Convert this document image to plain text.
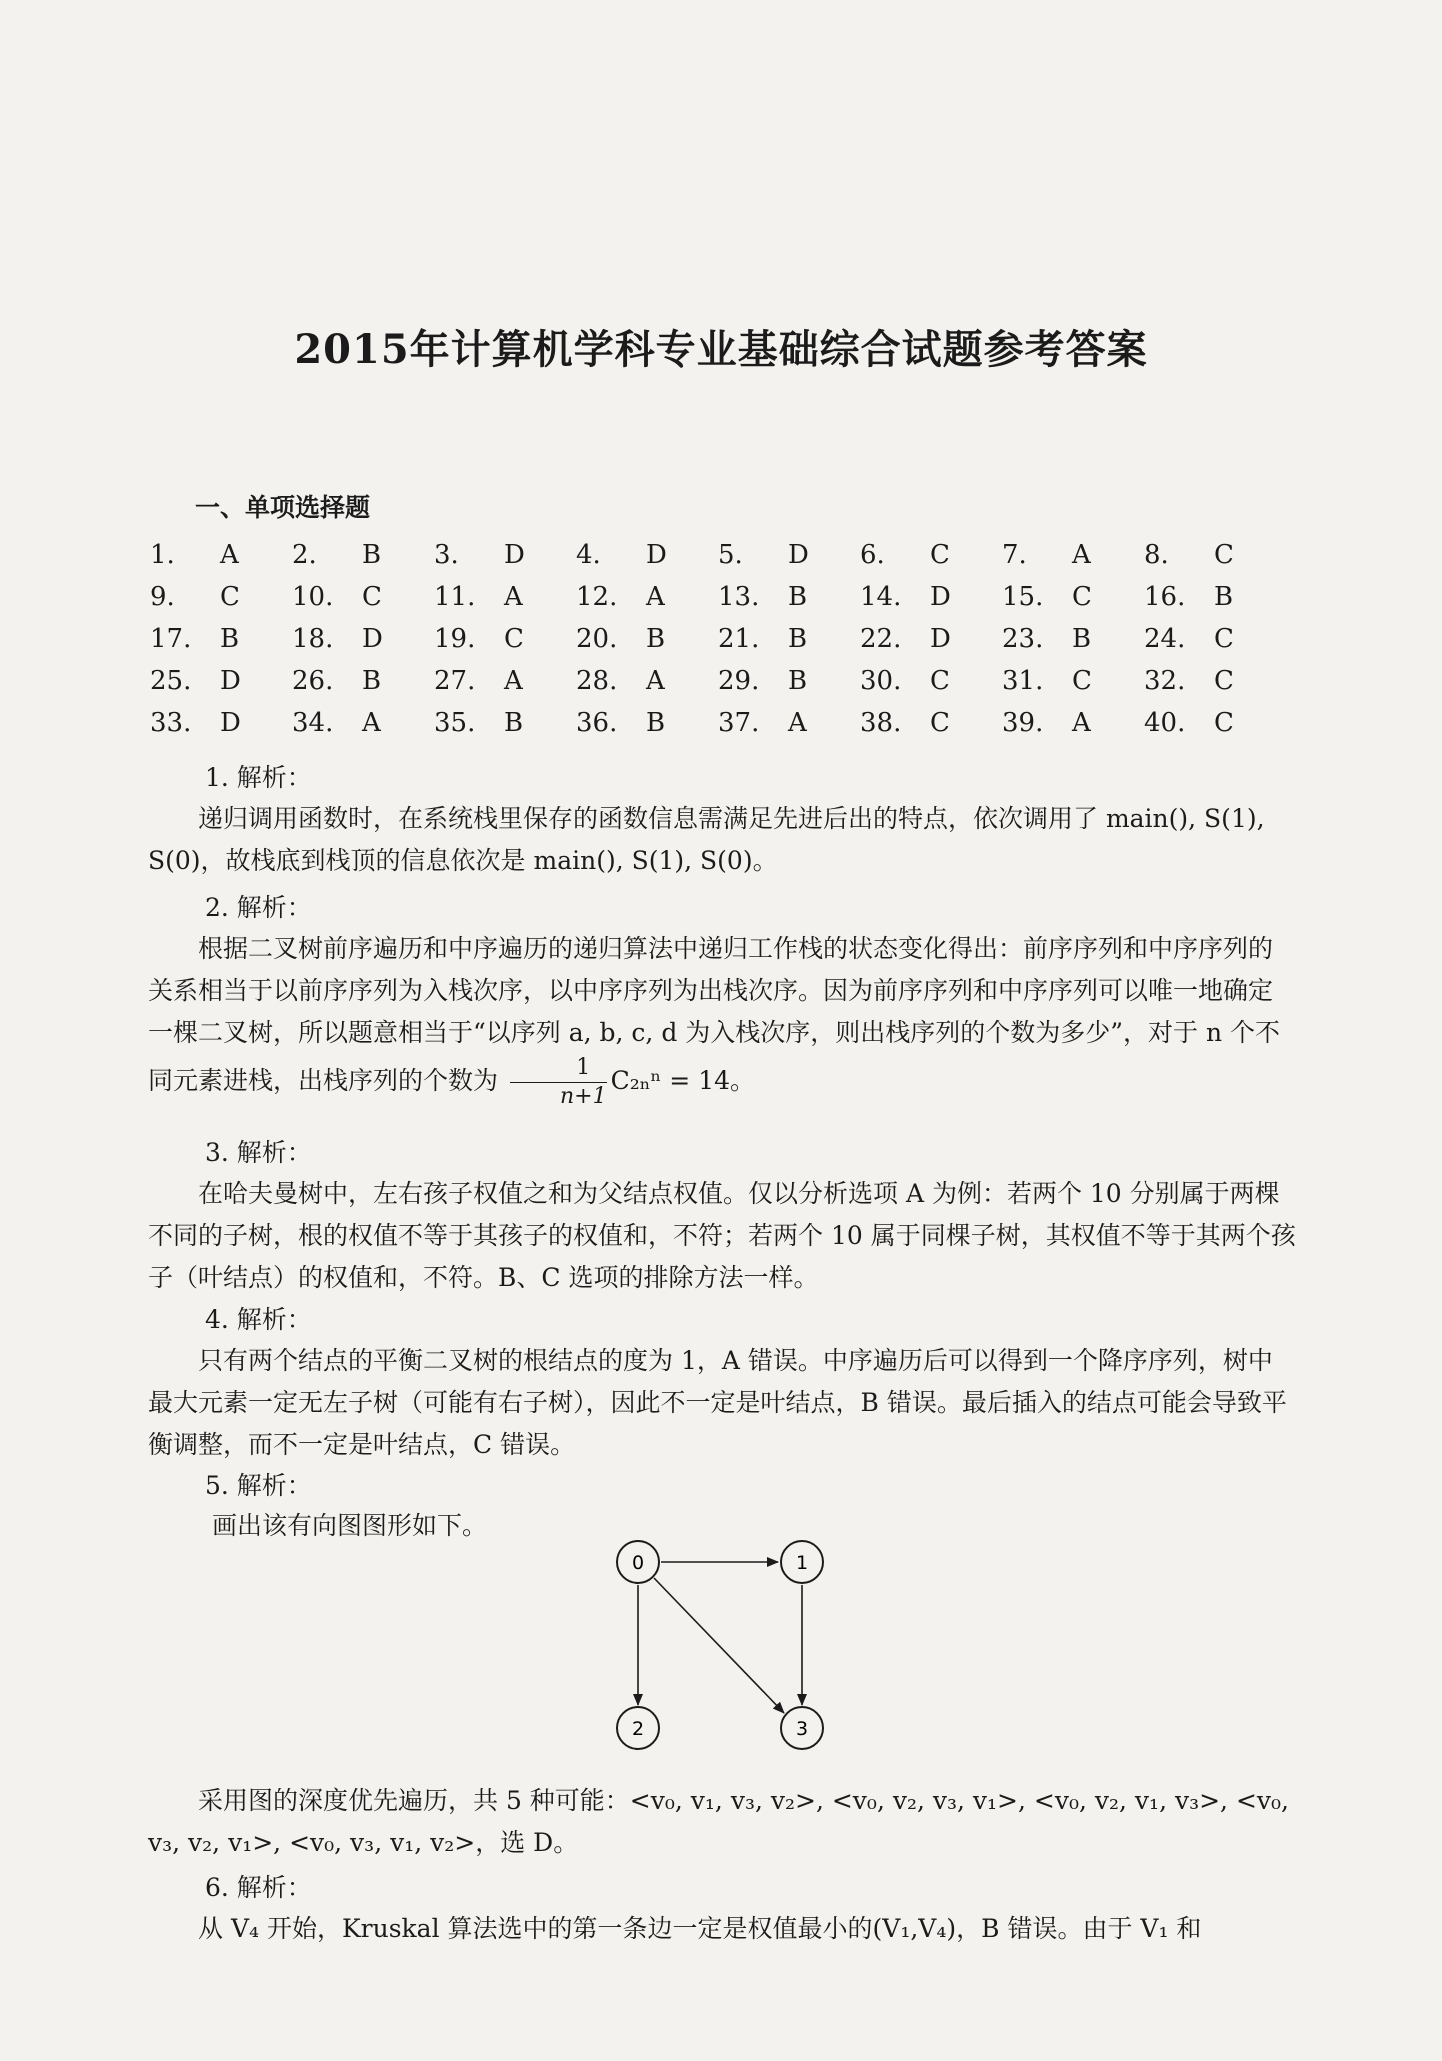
2015年计算机学科专业基础综合试题参考答案
一、单项选择题
1. A 2. B 3. D 4. D 5. D 6. C 7. A 8. C
9. C 10. C 11. A 12. A 13. B 14. D 15. C 16. B
17. B 18. D 19. C 20. B 21. B 22. D 23. B 24. C
25. D 26. B 27. A 28. A 29. B 30. C 31. C 32. C
33. D 34. A 35. B 36. B 37. A 38. C 39. A 40. C
1. 解析：
递归调用函数时，在系统栈里保存的函数信息需满足先进后出的特点，依次调用了 main(), S(1), S(0)，故栈底到栈顶的信息依次是 main(), S(1), S(0)。
2. 解析：
根据二叉树前序遍历和中序遍历的递归算法中递归工作栈的状态变化得出：前序序列和中序序列的关系相当于以前序序列为入栈次序，以中序序列为出栈次序。因为前序序列和中序序列可以唯一地确定一棵二叉树，所以题意相当于“以序列 a, b, c, d 为入栈次序，则出栈序列的个数为多少”，对于 n 个不同元素进栈，出栈序列的个数为 $\frac{1}{n+1} C_{2n}^n = 14$。
3. 解析：
在哈夫曼树中，左右孩子权值之和为父结点权值。仅以分析选项 A 为例：若两个 10 分别属于两棵不同的子树，根的权值不等于其孩子的权值和，不符；若两个 10 属于同棵子树，其权值不等于其两个孩子（叶结点）的权值和，不符。B、C 选项的排除方法一样。
4. 解析：
只有两个结点的平衡二叉树的根结点的度为 1，A 错误。中序遍历后可以得到一个降序序列，树中最大元素一定无左子树（可能有右子树），因此不一定是叶结点，B 错误。最后插入的结点可能会导致平衡调整，而不一定是叶结点，C 错误。
5. 解析：
画出该有向图图形如下。
0	1
2	3
采用图的深度优先遍历，共 5 种可能：<v₀, v₁, v₃, v₂>, <v₀, v₂, v₃, v₁>, <v₀, v₂, v₁, v₃>, <v₀, v₃, v₂, v₁>, <v₀, v₃, v₁, v₂>，选 D。
6. 解析：
从 V₄ 开始，Kruskal 算法选中的第一条边一定是权值最小的(V₁,V₄)，B 错误。由于 V₁ 和
